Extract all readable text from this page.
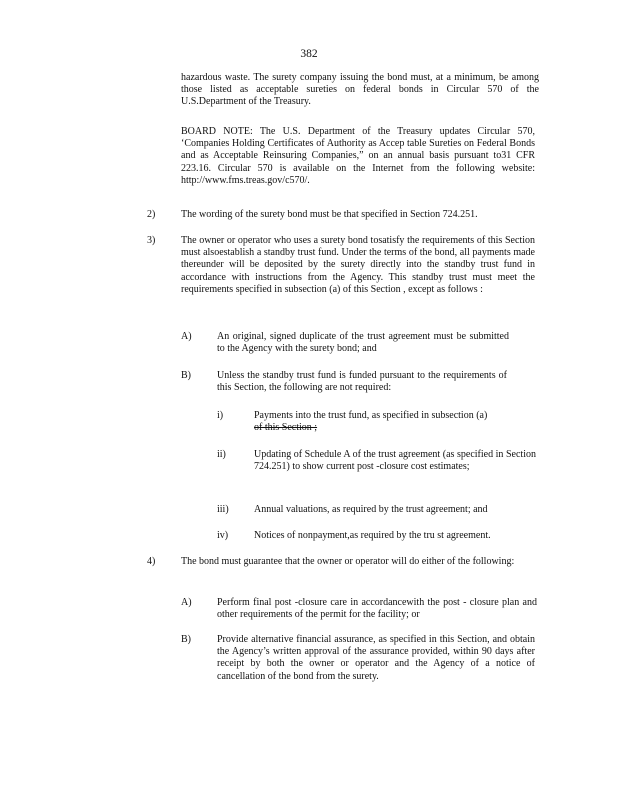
382
hazardous waste. The surety company issuing the bond must, at a minimum, be among those listed as acceptable sureties on federal bonds in Circular 570 of the U.S.Department of the Treasury.
BOARD NOTE: The U.S. Department of the Treasury updates Circular 570, ‘Companies Holding Certificates of Authority as Accep table Sureties on Federal Bonds and as Acceptable Reinsuring Companies,” on an annual basis pursuant to31 CFR 223.16. Circular 570 is available on the Internet from the following website: http://www.fms.treas.gov/c570/.
2)	The wording of the surety bond must be that specified in Section 724.251.
3)	The owner or operator who uses a surety bond tosatisfy the requirements of this Section must alsoestablish a standby trust fund. Under the terms of the bond, all payments made thereunder will be deposited by the surety directly into the standby trust fund in accordance with instructions from the Agency. This standby trust must meet the requirements specified in subsection (a) of this Section , except as follows :
A)	An original, signed duplicate of the trust agreement must be submitted to the Agency with the surety bond; and
B)	Unless the standby trust fund is funded pursuant to the requirements of this Section, the following are not required:
i)	Payments into the trust fund, as specified in subsection (a)
of this Section ;
ii)	Updating of Schedule A of the trust agreement (as specified in Section 724.251) to show current post -closure cost estimates;
iii)	Annual valuations, as required by the trust agreement; and
iv)	Notices of nonpayment,as required by the tru st agreement.
4)	The bond must guarantee that the owner or operator will do either of the following:
A)	Perform final post -closure care in accordancewith the post - closure plan and other requirements of the permit for the facility; or
B)	Provide alternative financial assurance, as specified in this Section, and obtain the Agency’s written approval of the assurance provided, within 90 days after receipt by both the owner or operator and the Agency of a notice of cancellation of the bond from the surety.
